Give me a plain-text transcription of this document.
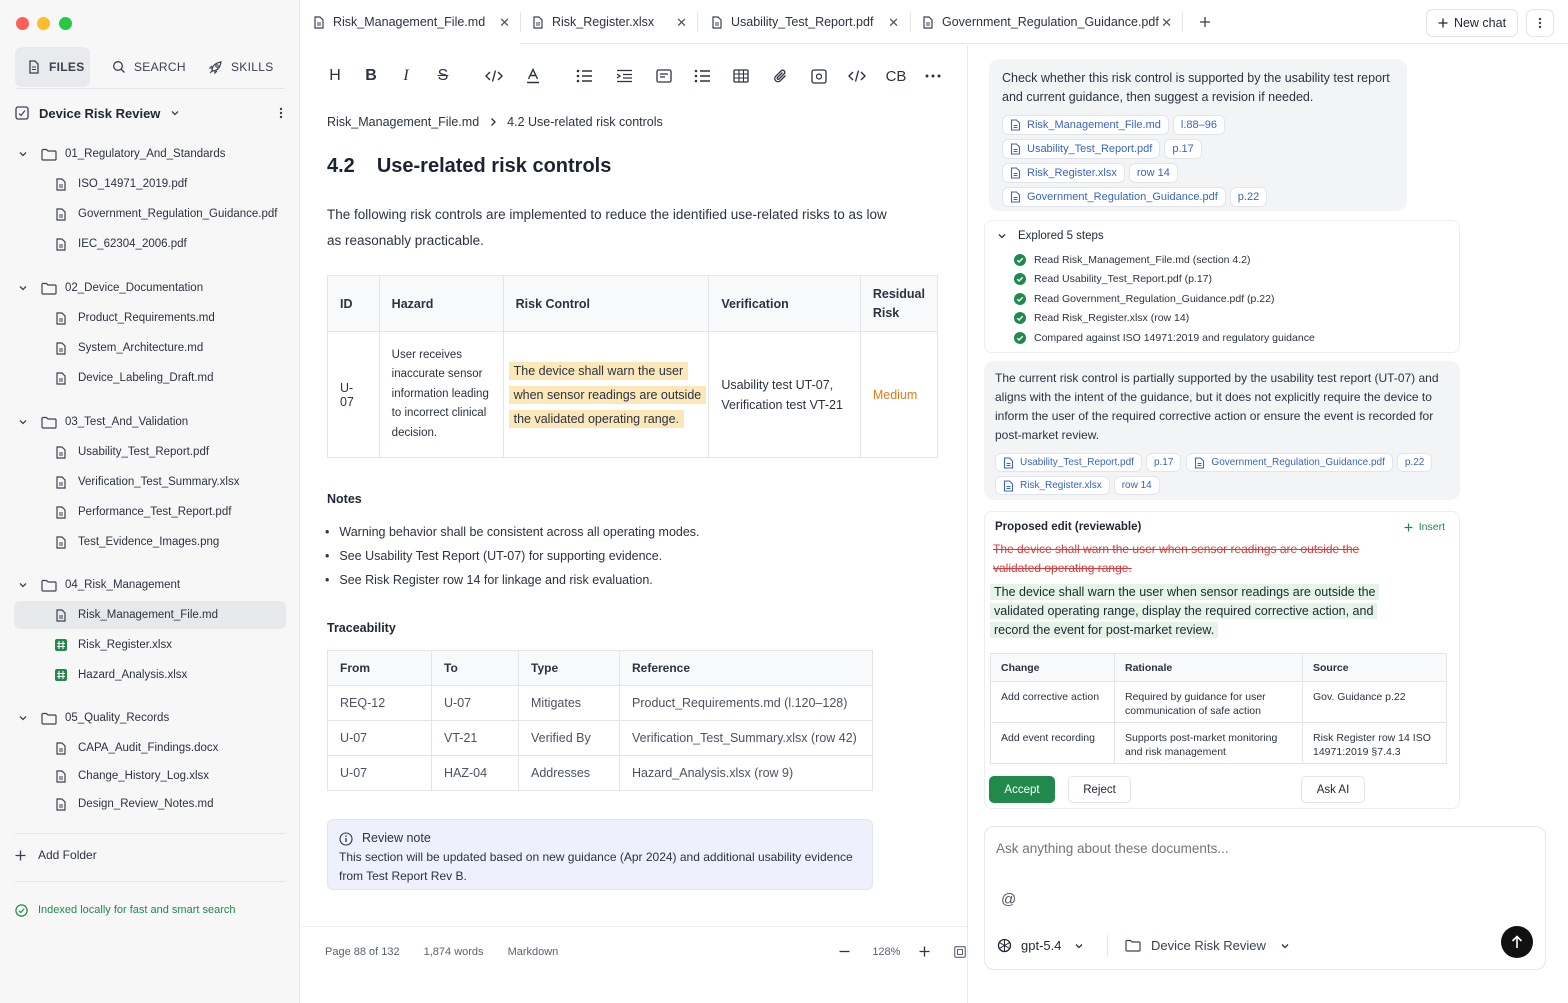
FILES	SEARCH	SKILLS
Device Risk Review
01_Regulatory_And_Standards
ISO_14971_2019.pdf
Government_Regulation_Guidance.pdf
IEC_62304_2006.pdf
02_Device_Documentation
Product_Requirements.md
System_Architecture.md
Device_Labeling_Draft.md
03_Test_And_Validation
Usability_Test_Report.pdf
Verification_Test_Summary.xlsx
Performance_Test_Report.pdf
Test_Evidence_Images.png
04_Risk_Management
Risk_Management_File.md
Risk_Register.xlsx
Hazard_Analysis.xlsx
05_Quality_Records
CAPA_Audit_Findings.docx
Change_History_Log.xlsx
Design_Review_Notes.md
Add Folder
Indexed locally for fast and smart search
Risk_Management_File.md ✕	Risk_Register.xlsx ✕	Usability_Test_Report.pdf ✕	Government_Regulation_Guidance.pdf ✕	New chat
H B I S	CB
Risk_Management_File.md 4.2 Use-related risk controls
4.2 Use-related risk controls

The following risk controls are implemented to reduce the identified use-related risks to as low as reasonably practicable.

ID	Hazard	Risk Control	Verification	Residual Risk
U-07	User receives inaccurate sensor information leading to incorrect clinical decision.	The device shall warn the user when sensor readings are outside the validated operating range.	Usability test UT-07, Verification test VT-21	Medium
Notes
• Warning behavior shall be consistent across all operating modes.
• See Usability Test Report (UT-07) for supporting evidence.
• See Risk Register row 14 for linkage and risk evaluation.
Traceability
From	To	Type	Reference
REQ-12	U-07	Mitigates	Product_Requirements.md (l.120–128)
U-07	VT-21	Verified By	Verification_Test_Summary.xlsx (row 42)
U-07	HAZ-04	Addresses	Hazard_Analysis.xlsx (row 9)
Review note
This section will be updated based on new guidance (Apr 2024) and additional usability evidence from Test Report Rev B.
Page 88 of 132 1,874 words Markdown	128%
Check whether this risk control is supported by the usability test report and current guidance, then suggest a revision if needed.
Risk_Management_File.md l.88–96
Usability_Test_Report.pdf p.17
Risk_Register.xlsx row 14
Government_Regulation_Guidance.pdf p.22
Explored 5 steps
Read Risk_Management_File.md (section 4.2)
Read Usability_Test_Report.pdf (p.17)
Read Government_Regulation_Guidance.pdf (p.22)
Read Risk_Register.xlsx (row 14)
Compared against ISO 14971:2019 and regulatory guidance
The current risk control is partially supported by the usability test report (UT-07) and aligns with the intent of the guidance, but it does not explicitly require the device to inform the user of the required corrective action or ensure the event is recorded for post-market review.
Usability_Test_Report.pdf p.17	Government_Regulation_Guidance.pdf p.22
Risk_Register.xlsx row 14
Proposed edit (reviewable)	Insert
The device shall warn the user when sensor readings are outside the validated operating range.
The device shall warn the user when sensor readings are outside the validated operating range, display the required corrective action, and record the event for post-market review.
Change	Rationale	Source
Add corrective action	Required by guidance for user communication of safe action	Gov. Guidance p.22
Add event recording	Supports post-market monitoring and risk management	Risk Register row 14 ISO 14971:2019 §7.4.3
Accept	Reject	Ask AI
Ask anything about these documents...
@
gpt-5.4	Device Risk Review
